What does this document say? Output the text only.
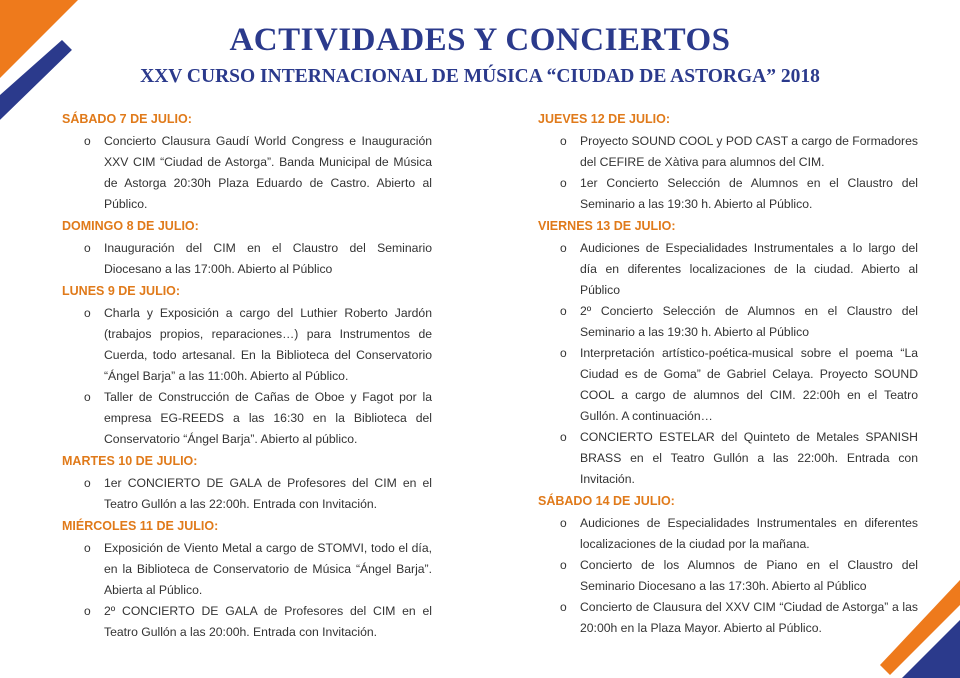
ACTIVIDADES Y CONCIERTOS
XXV CURSO INTERNACIONAL DE MÚSICA “CIUDAD DE ASTORGA” 2018
SÁBADO 7 DE JULIO:
o Concierto Clausura Gaudí World Congress e Inauguración XXV CIM “Ciudad de Astorga”. Banda Municipal de Música de Astorga 20:30h Plaza Eduardo de Castro. Abierto al Público.
DOMINGO 8 DE JULIO:
o Inauguración del CIM en el Claustro del Seminario Diocesano a las 17:00h. Abierto al Público
LUNES 9 DE JULIO:
o Charla y Exposición a cargo del Luthier Roberto Jardón (trabajos propios, reparaciones…) para Instrumentos de Cuerda, todo artesanal. En la Biblioteca del Conservatorio “Ángel Barja” a las 11:00h. Abierto al Público.
o Taller de Construcción de Cañas de Oboe y Fagot por la empresa EG-REEDS a las 16:30 en la Biblioteca del Conservatorio “Ángel Barja”. Abierto al público.
MARTES 10 DE JULIO:
o 1er CONCIERTO DE GALA de Profesores del CIM en el Teatro Gullón a las 22:00h. Entrada con Invitación.
MIÉRCOLES 11 DE JULIO:
o Exposición de Viento Metal a cargo de STOMVI, todo el día, en la Biblioteca de Conservatorio de Música “Ángel Barja”. Abierta al Público.
o 2º CONCIERTO DE GALA de Profesores del CIM en el Teatro Gullón a las 20:00h. Entrada con Invitación.
JUEVES 12 DE JULIO:
o Proyecto SOUND COOL y POD CAST a cargo de Formadores del CEFIRE de Xàtiva para alumnos del CIM.
o 1er Concierto Selección de Alumnos en el Claustro del Seminario a las 19:30 h. Abierto al Público.
VIERNES 13 DE JULIO:
o Audiciones de Especialidades Instrumentales a lo largo del día en diferentes localizaciones de la ciudad. Abierto al Público
o 2º Concierto Selección de Alumnos en el Claustro del Seminario a las 19:30 h. Abierto al Público
o Interpretación artístico-poética-musical sobre el poema “La Ciudad es de Goma” de Gabriel Celaya. Proyecto SOUND COOL a cargo de alumnos del CIM. 22:00h en el Teatro Gullón. A continuación…
o CONCIERTO ESTELAR del Quinteto de Metales SPANISH BRASS en el Teatro Gullón a las 22:00h. Entrada con Invitación.
SÁBADO 14 DE JULIO:
o Audiciones de Especialidades Instrumentales en diferentes localizaciones de la ciudad por la mañana.
o Concierto de los Alumnos de Piano en el Claustro del Seminario Diocesano a las 17:30h. Abierto al Público
o Concierto de Clausura del XXV CIM “Ciudad de Astorga” a las 20:00h en la Plaza Mayor. Abierto al Público.
